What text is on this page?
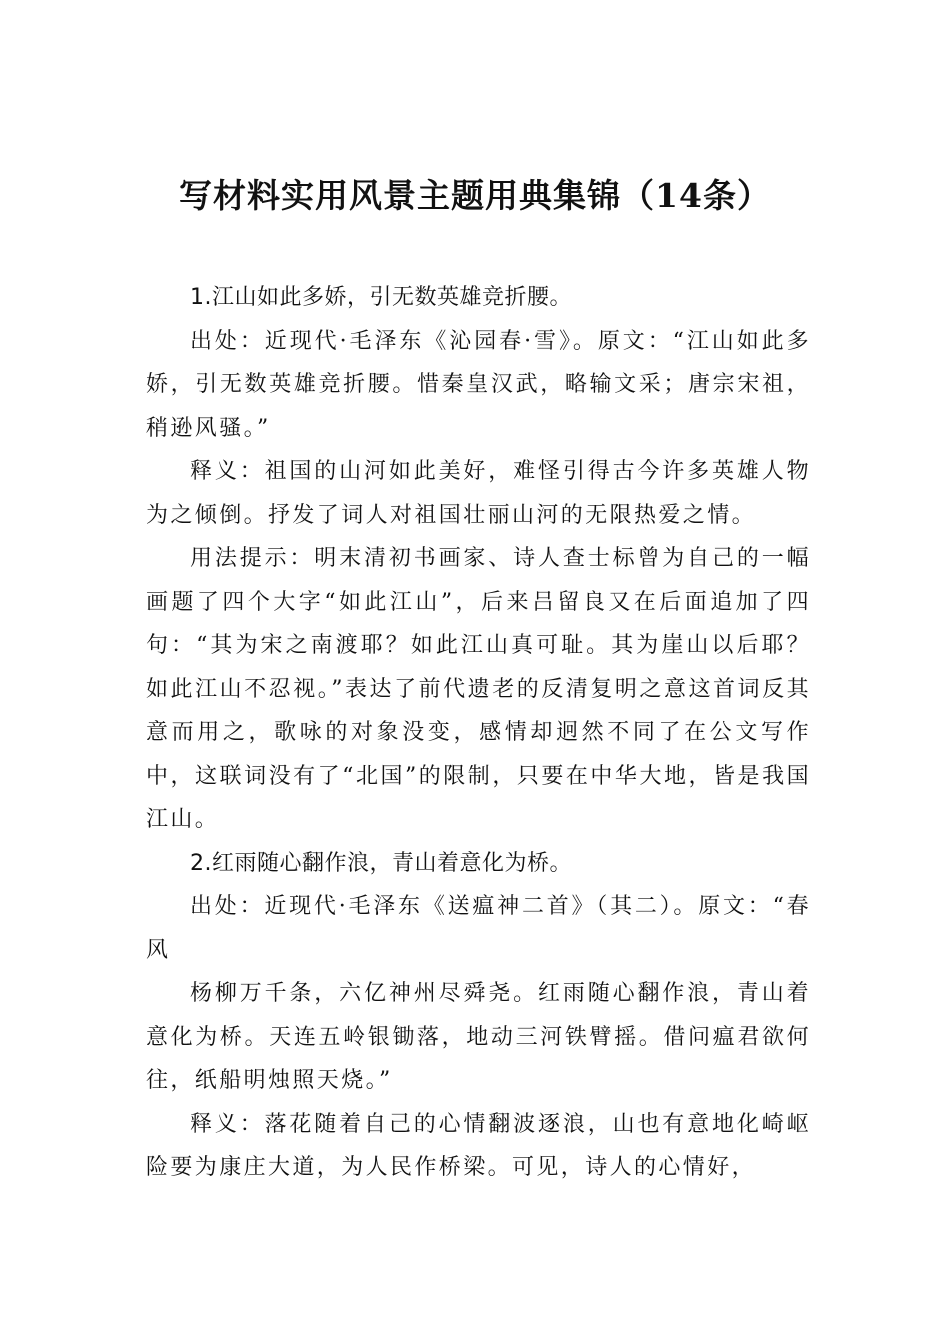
写材料实用风景主题用典集锦（14条）

1.江山如此多娇，引无数英雄竞折腰。

出处：近现代·毛泽东《沁园春·雪》。原文：“江山如此多娇，引无数英雄竞折腰。惜秦皇汉武，略输文采；唐宗宋祖，稍逊风骚。”

释义：祖国的山河如此美好，难怪引得古今许多英雄人物为之倾倒。抒发了词人对祖国壮丽山河的无限热爱之情。

用法提示：明末清初书画家、诗人查士标曾为自己的一幅画题了四个大字“如此江山”，后来吕留良又在后面追加了四句：“其为宋之南渡耶？如此江山真可耻。其为崖山以后耶？如此江山不忍视。”表达了前代遗老的反清复明之意这首词反其意而用之，歌咏的对象没变，感情却迥然不同了在公文写作中，这联词没有了“北国”的限制，只要在中华大地，皆是我国江山。

2.红雨随心翻作浪，青山着意化为桥。

出处：近现代·毛泽东《送瘟神二首》（其二）。原文：“春风

杨柳万千条，六亿神州尽舜尧。红雨随心翻作浪，青山着意化为桥。天连五岭银锄落，地动三河铁臂摇。借问瘟君欲何往，纸船明烛照天烧。”

释义：落花随着自己的心情翻波逐浪，山也有意地化崎岖险要为康庄大道，为人民作桥梁。可见，诗人的心情好，
